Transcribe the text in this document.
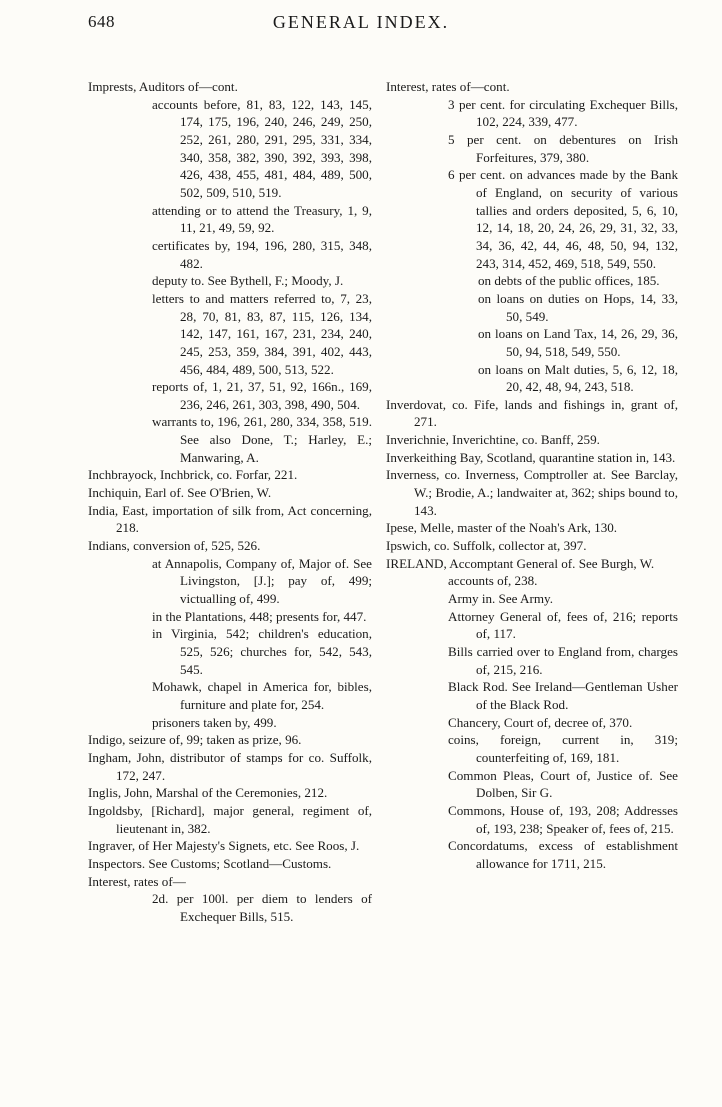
648	GENERAL INDEX.

Imprests, Auditors of—cont.

accounts before, 81, 83, 122, 143, 145, 174, 175, 196, 240, 246, 249, 250, 252, 261, 280, 291, 295, 331, 334, 340, 358, 382, 390, 392, 393, 398, 426, 438, 455, 481, 484, 489, 500, 502, 509, 510, 519.

attending or to attend the Treasury, 1, 9, 11, 21, 49, 59, 92.

certificates by, 194, 196, 280, 315, 348, 482.

deputy to. See Bythell, F.; Moody, J.

letters to and matters referred to, 7, 23, 28, 70, 81, 83, 87, 115, 126, 134, 142, 147, 161, 167, 231, 234, 240, 245, 253, 359, 384, 391, 402, 443, 456, 484, 489, 500, 513, 522.

reports of, 1, 21, 37, 51, 92, 166n., 169, 236, 246, 261, 303, 398, 490, 504.

warrants to, 196, 261, 280, 334, 358, 519. See also Done, T.; Harley, E.; Manwaring, A.

Inchbrayock, Inchbrick, co. Forfar, 221.

Inchiquin, Earl of. See O'Brien, W.

India, East, importation of silk from, Act concerning, 218.

Indians, conversion of, 525, 526.

at Annapolis, Company of, Major of. See Livingston, [J.]; pay of, 499; victualling of, 499.

in the Plantations, 448; presents for, 447.

in Virginia, 542; children's education, 525, 526; churches for, 542, 543, 545.

Mohawk, chapel in America for, bibles, furniture and plate for, 254.

prisoners taken by, 499.

Indigo, seizure of, 99; taken as prize, 96.

Ingham, John, distributor of stamps for co. Suffolk, 172, 247.

Inglis, John, Marshal of the Ceremonies, 212.

Ingoldsby, [Richard], major general, regiment of, lieutenant in, 382.

Ingraver, of Her Majesty's Signets, etc. See Roos, J.

Inspectors. See Customs; Scotland—Customs.

Interest, rates of—

2d. per 100l. per diem to lenders of Exchequer Bills, 515.

Interest, rates of—cont.

3 per cent. for circulating Exchequer Bills, 102, 224, 339, 477.

5 per cent. on debentures on Irish Forfeitures, 379, 380.

6 per cent. on advances made by the Bank of England, on security of various tallies and orders deposited, 5, 6, 10, 12, 14, 18, 20, 24, 26, 29, 31, 32, 33, 34, 36, 42, 44, 46, 48, 50, 94, 132, 243, 314, 452, 469, 518, 549, 550.

on debts of the public offices, 185.

on loans on duties on Hops, 14, 33, 50, 549.

on loans on Land Tax, 14, 26, 29, 36, 50, 94, 518, 549, 550.

on loans on Malt duties, 5, 6, 12, 18, 20, 42, 48, 94, 243, 518.

Inverdovat, co. Fife, lands and fishings in, grant of, 271.

Inverichnie, Inverichtine, co. Banff, 259.

Inverkeithing Bay, Scotland, quarantine station in, 143.

Inverness, co. Inverness, Comptroller at. See Barclay, W.; Brodie, A.; landwaiter at, 362; ships bound to, 143.

Ipese, Melle, master of the Noah's Ark, 130.

Ipswich, co. Suffolk, collector at, 397.

IRELAND, Accomptant General of. See Burgh, W.

accounts of, 238.

Army in. See Army.

Attorney General of, fees of, 216; reports of, 117.

Bills carried over to England from, charges of, 215, 216.

Black Rod. See Ireland—Gentleman Usher of the Black Rod.

Chancery, Court of, decree of, 370.

coins, foreign, current in, 319; counterfeiting of, 169, 181.

Common Pleas, Court of, Justice of. See Dolben, Sir G.

Commons, House of, 193, 208; Addresses of, 193, 238; Speaker of, fees of, 215.

Concordatums, excess of establishment allowance for 1711, 215.
